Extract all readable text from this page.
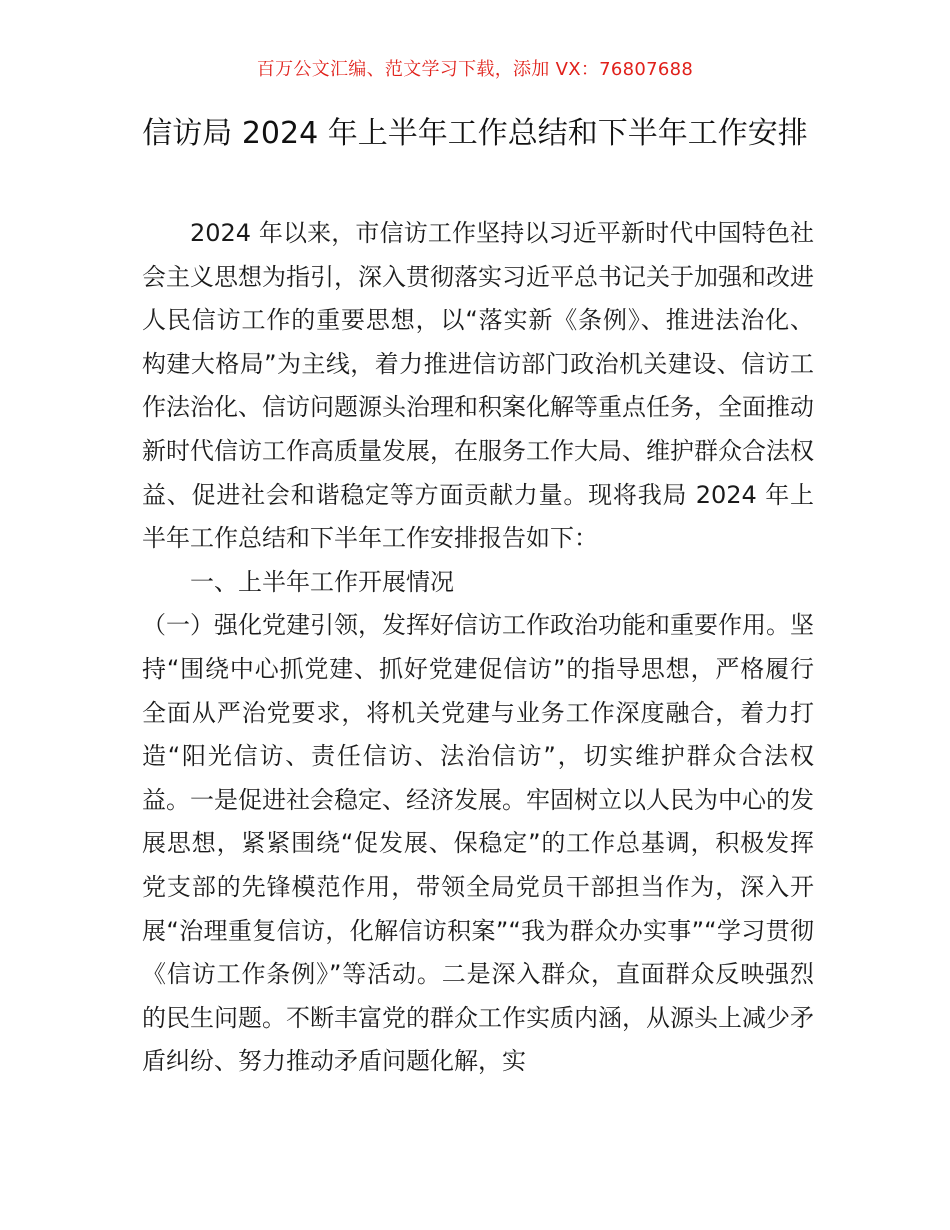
百万公文汇编、范文学习下载，添加 VX：76807688
信访局 2024 年上半年工作总结和下半年工作安排

2024 年以来，市信访工作坚持以习近平新时代中国特色社会主义思想为指引，深入贯彻落实习近平总书记关于加强和改进人民信访工作的重要思想，以“落实新《条例》、推进法治化、构建大格局”为主线，着力推进信访部门政治机关建设、信访工作法治化、信访问题源头治理和积案化解等重点任务，全面推动新时代信访工作高质量发展，在服务工作大局、维护群众合法权益、促进社会和谐稳定等方面贡献力量。现将我局 2024 年上半年工作总结和下半年工作安排报告如下：

一、上半年工作开展情况

（一）强化党建引领，发挥好信访工作政治功能和重要作用。坚持“围绕中心抓党建、抓好党建促信访”的指导思想，严格履行全面从严治党要求，将机关党建与业务工作深度融合，着力打造“阳光信访、责任信访、法治信访”，切实维护群众合法权益。一是促进社会稳定、经济发展。牢固树立以人民为中心的发展思想，紧紧围绕“促发展、保稳定”的工作总基调，积极发挥党支部的先锋模范作用，带领全局党员干部担当作为，深入开展“治理重复信访，化解信访积案”“我为群众办实事”“学习贯彻《信访工作条例》”等活动。二是深入群众，直面群众反映强烈的民生问题。不断丰富党的群众工作实质内涵，从源头上减少矛盾纠纷、努力推动矛盾问题化解，实
